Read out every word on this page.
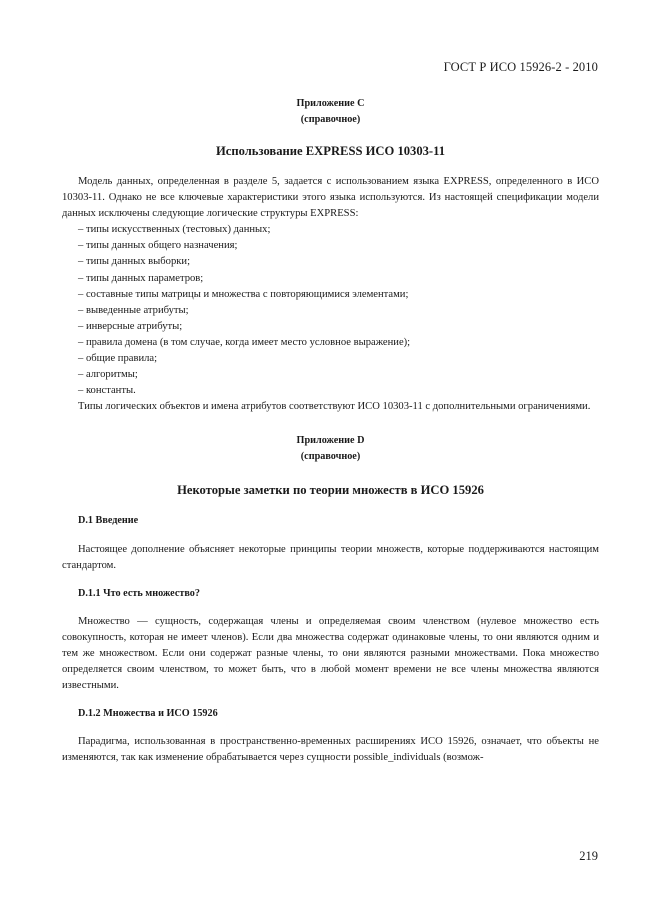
ГОСТ Р ИСО 15926-2 - 2010
Приложение С
(справочное)
Использование EXPRESS ИСО 10303-11

Модель данных, определенная в разделе 5, задается с использованием языка EXPRESS, определенного в ИСО 10303-11. Однако не все ключевые характеристики этого языка используются. Из настоящей спецификации модели данных исключены следующие логические структуры EXPRESS:

– типы искусственных (тестовых) данных;
– типы данных общего назначения;
– типы данных выборки;
– типы данных параметров;
– составные типы матрицы и множества с повторяющимися элементами;
– выведенные атрибуты;
– инверсные атрибуты;
– правила домена (в том случае, когда имеет место условное выражение);
– общие правила;
– алгоритмы;
– константы.

Типы логических объектов и имена атрибутов соответствуют ИСО 10303-11 с дополнительными ограничениями.

Приложение D
(справочное)
Некоторые заметки по теории множеств в ИСО 15926
D.1 Введение

Настоящее дополнение объясняет некоторые принципы теории множеств, которые поддерживаются настоящим стандартом.

D.1.1 Что есть множество?

Множество — сущность, содержащая члены и определяемая своим членством (нулевое множество есть совокупность, которая не имеет членов). Если два множества содержат одинаковые члены, то они являются одним и тем же множеством. Если они содержат разные члены, то они являются разными множествами. Пока множество определяется своим членством, то может быть, что в любой момент времени не все члены множества являются известными.

D.1.2 Множества и ИСО 15926

Парадигма, использованная в пространственно-временных расширениях ИСО 15926, означает, что объекты не изменяются, так как изменение обрабатывается через сущности possible_individuals (возмож-

219
